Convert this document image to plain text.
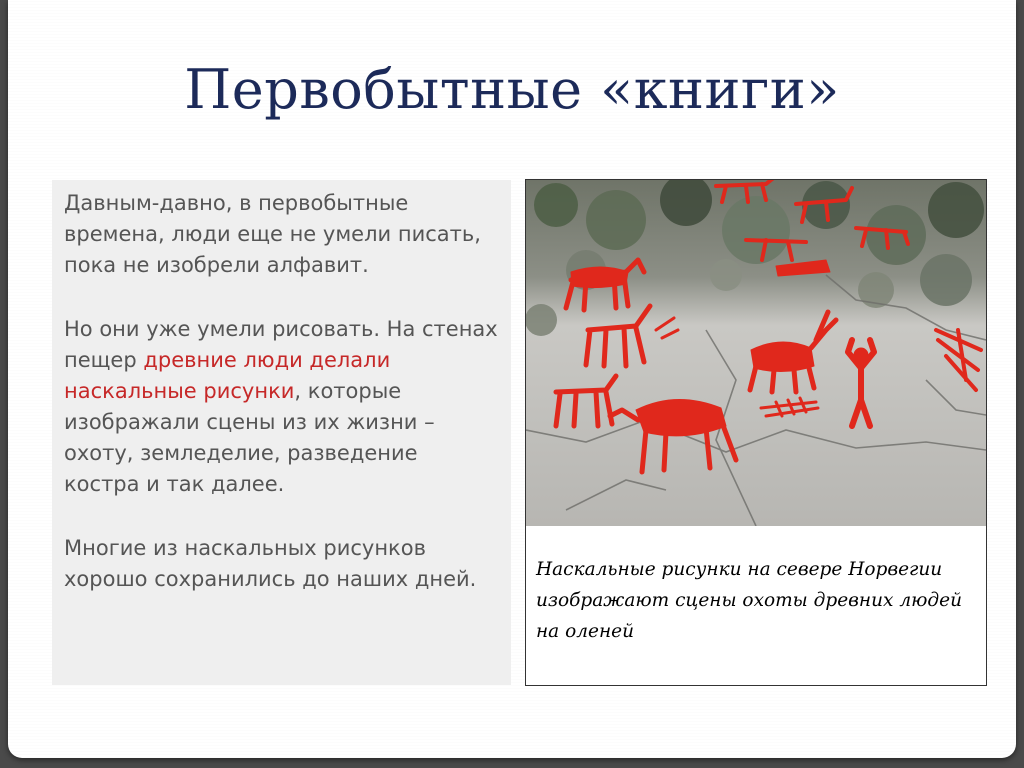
Первобытные «книги»

Давным-давно, в первобытные времена, люди еще не умели писать, пока не изобрели алфавит.

Но они уже умели рисовать. На стенах пещер древние люди делали наскальные рисунки, которые изображали сцены из их жизни – охоту, земледелие, разведение костра и так далее.

Многие из наскальных рисунков хорошо сохранились до наших дней.	Наскальные рисунки на севере Норвегии изображают сцены охоты древних людей на оленей
